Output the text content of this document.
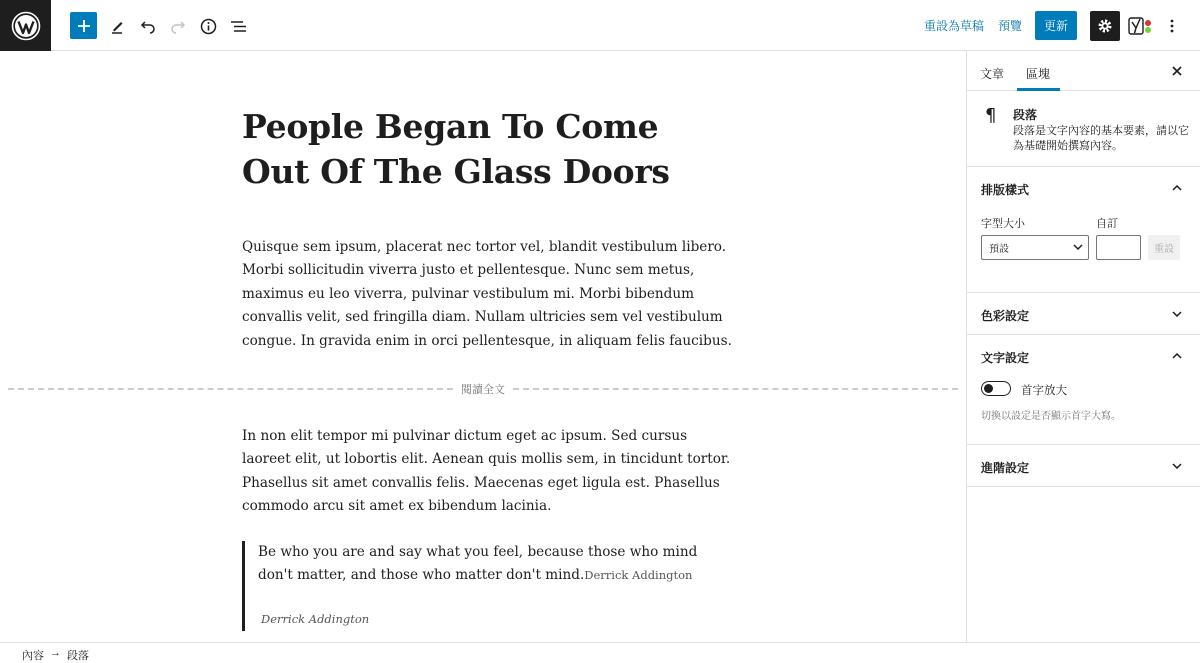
重設為草稿 預覽	更新
People Began To Come Out Of The Glass Doors

Quisque sem ipsum, placerat nec tortor vel, blandit vestibulum libero. Morbi sollicitudin viverra justo et pellentesque. Nunc sem metus, maximus eu leo viverra, pulvinar vestibulum mi. Morbi bibendum convallis velit, sed fringilla diam. Nullam ultricies sem vel vestibulum congue. In gravida enim in orci pellentesque, in aliquam felis faucibus.

閱讀全文

In non elit tempor mi pulvinar dictum eget ac ipsum. Sed cursus laoreet elit, ut lobortis elit. Aenean quis mollis sem, in tincidunt tortor. Phasellus sit amet convallis felis. Maecenas eget ligula est. Phasellus commodo arcu sit amet ex bibendum lacinia.

Be who you are and say what you feel, because those who mind don't matter, and those who matter don't mind.Derrick Addington

Derrick Addington
文章 區塊
¶ 段落

段落是文字內容的基本要素，請以它為基礎開始撰寫內容。

排版樣式
字型大小	自訂
預設	重設
色彩設定
文字設定
首字放大
切換以設定是否顯示首字大寫。
進階設定
內容 → 段落
